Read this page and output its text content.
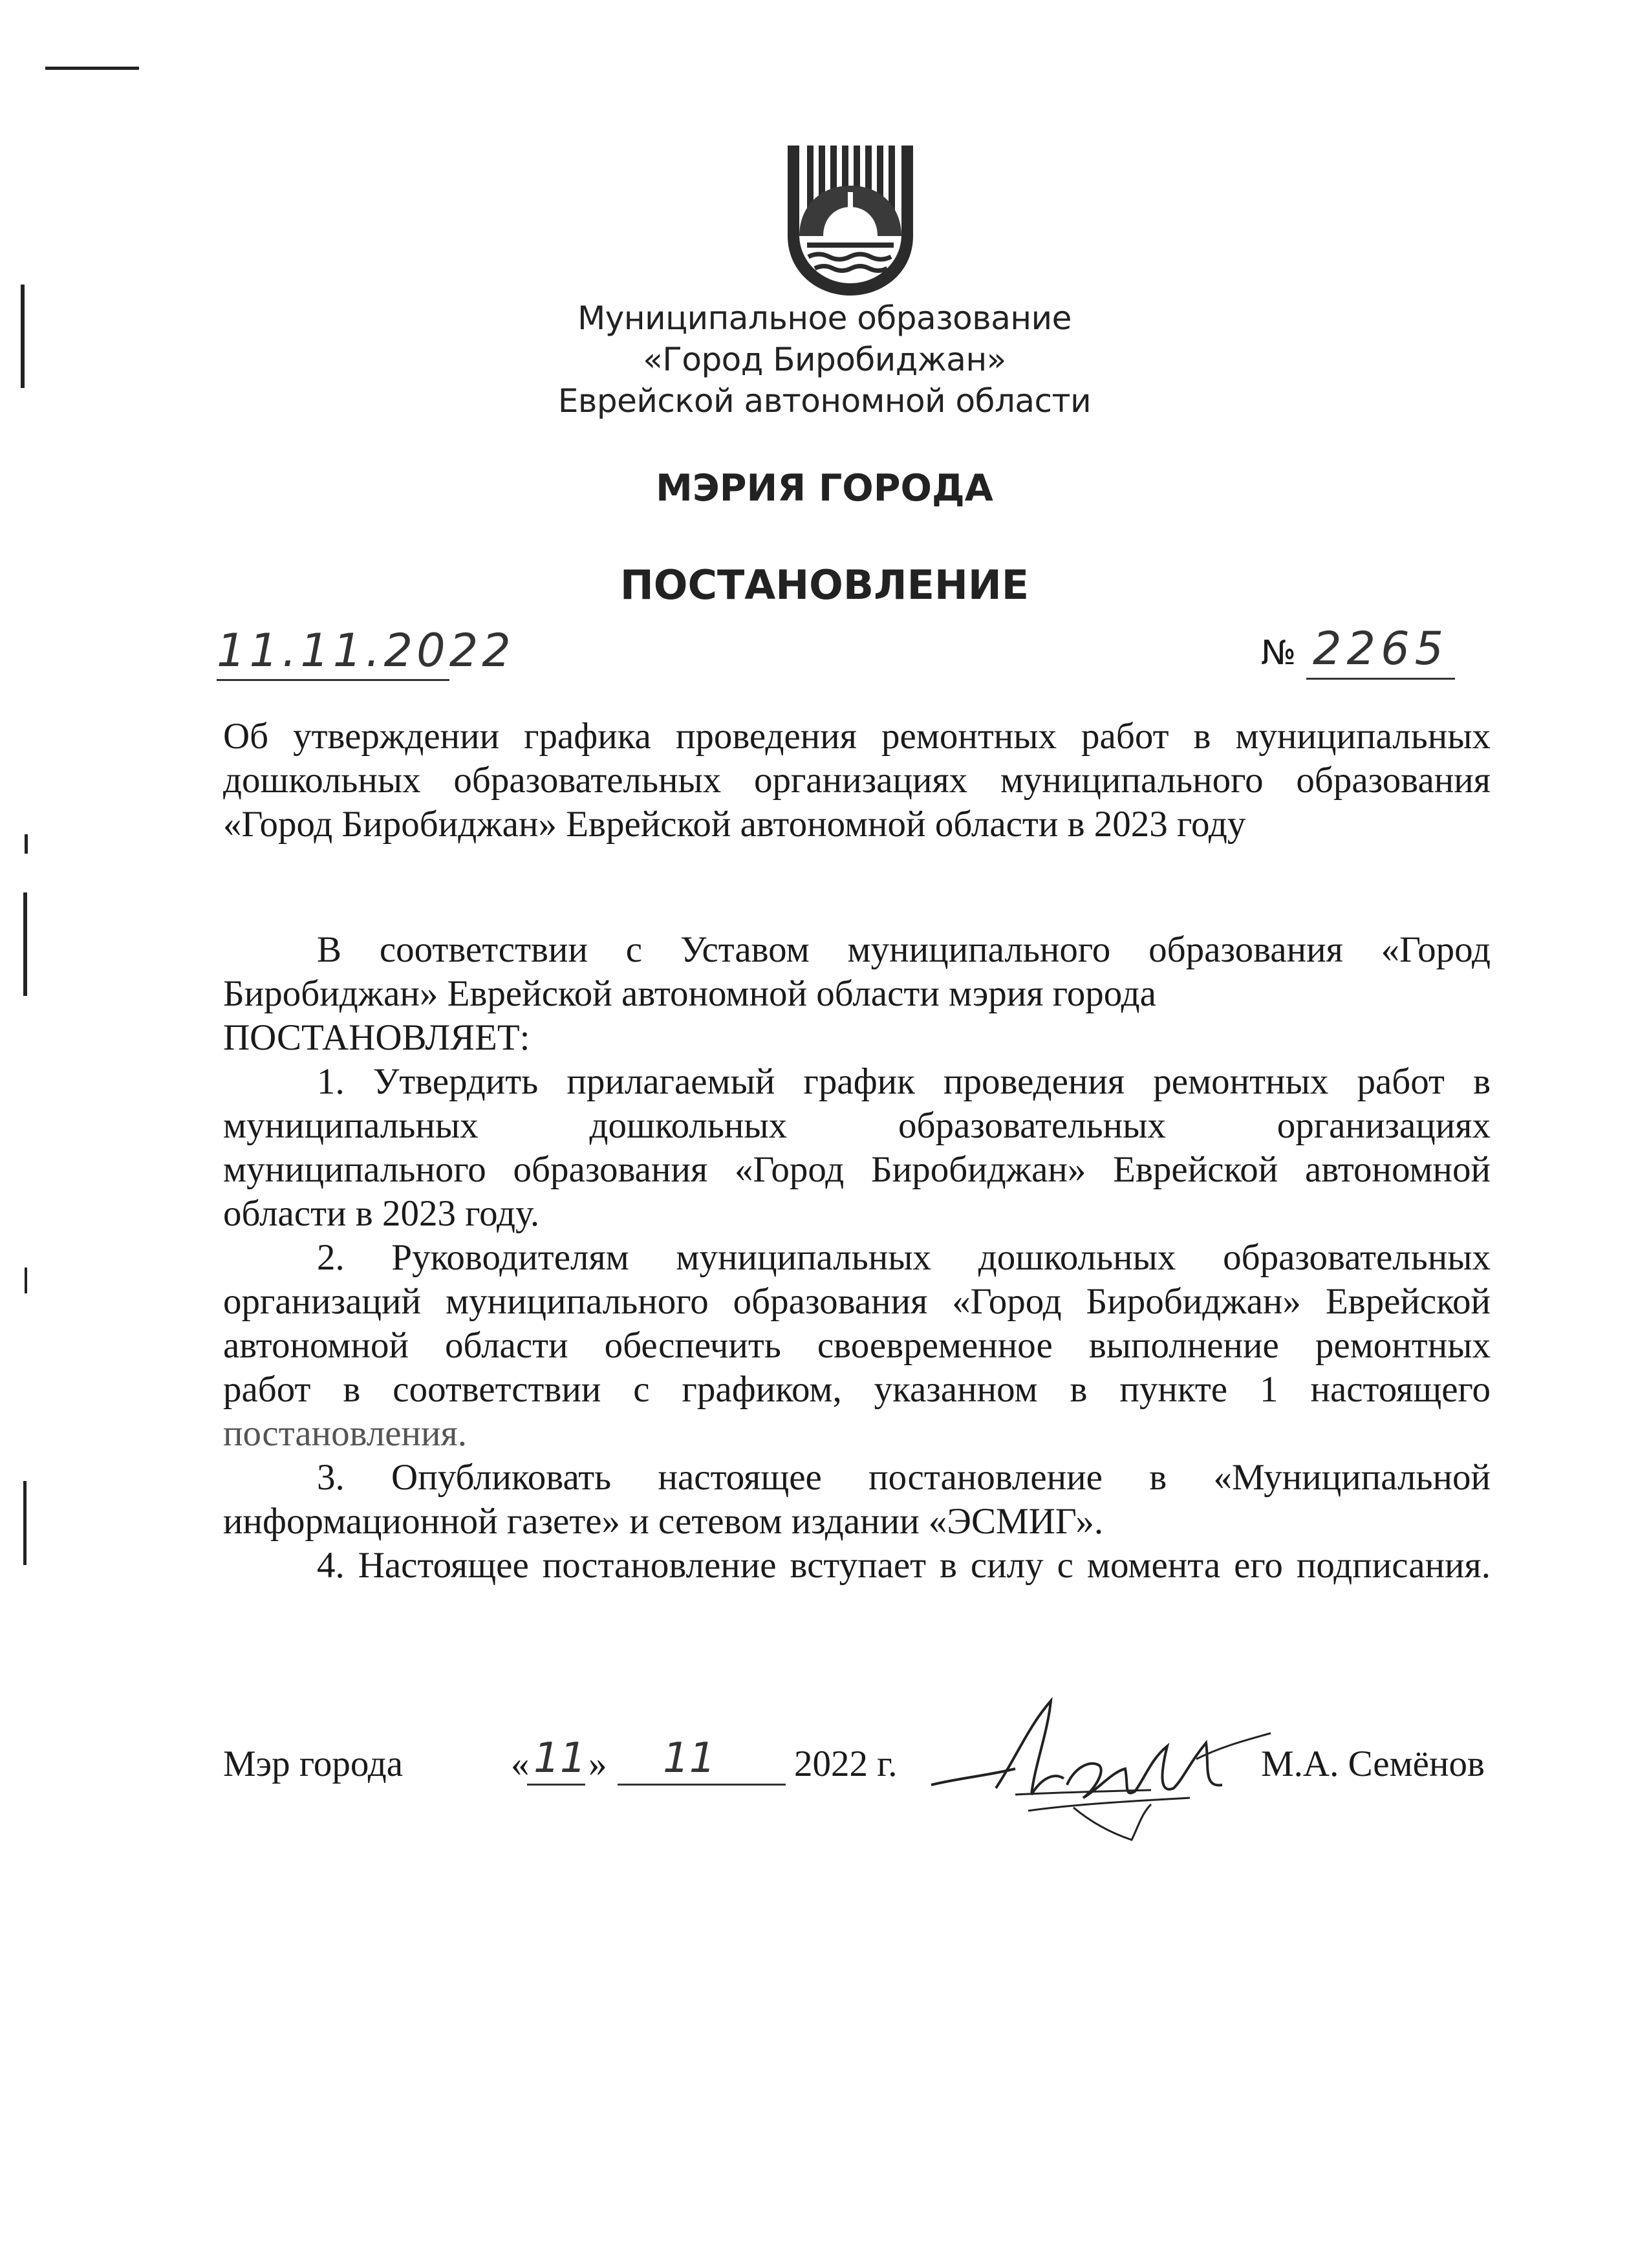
Муниципальное образование
«Город Биробиджан»
Еврейской автономной области
МЭРИЯ ГОРОДА
ПОСТАНОВЛЕНИЕ
11.11.2022	№ 2265
Об утверждении графика проведения ремонтных работ в муниципальных
дошкольных образовательных организациях муниципального образования
«Город Биробиджан» Еврейской автономной области в 2023 году
В соответствии с Уставом муниципального образования «Город
Биробиджан» Еврейской автономной области мэрия города
ПОСТАНОВЛЯЕТ:
1. Утвердить прилагаемый график проведения ремонтных работ в
муниципальных дошкольных образовательных организациях
муниципального образования «Город Биробиджан» Еврейской автономной
области в 2023 году.
2. Руководителям муниципальных дошкольных образовательных
организаций муниципального образования «Город Биробиджан» Еврейской
автономной области обеспечить своевременное выполнение ремонтных
работ в соответствии с графиком, указанном в пункте 1 настоящего
постановления.
3. Опубликовать настоящее постановление в «Муниципальной
информационной газете» и сетевом издании «ЭСМИГ».
4. Настоящее постановление вступает в силу с момента его подписания.
Мэр города	« 11 » 11 2022 г.	М.А. Семёнов
